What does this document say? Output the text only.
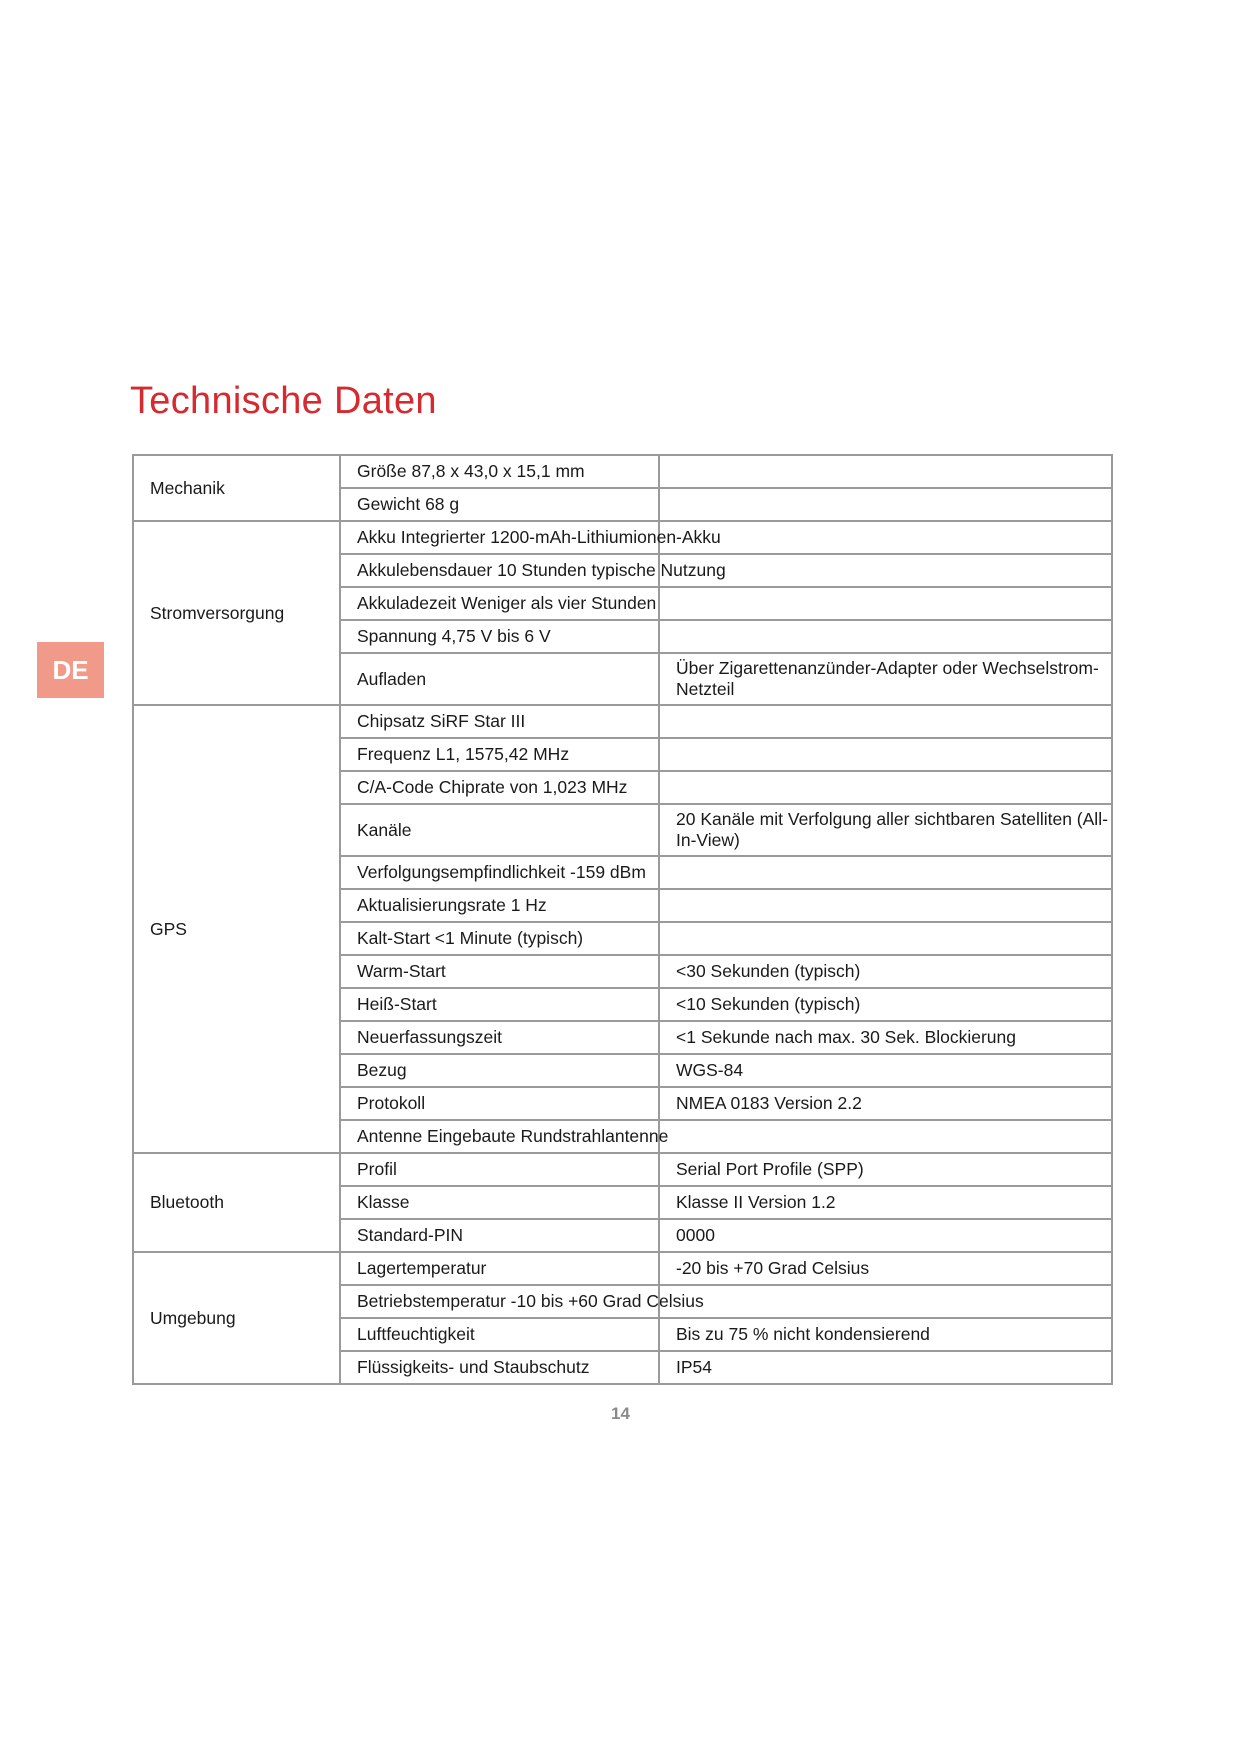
Technische Daten
DE
Mechanik	Größe 87,8 x 43,0 x 15,1 mm	
	Gewicht 68 g	
Stromversorgung	Akku Integrierter 1200-mAh-Lithiumionen-Akku	
	Akkulebensdauer 10 Stunden typische Nutzung	
	Akkuladezeit Weniger als vier Stunden	
	Spannung 4,75 V bis 6 V	
	Aufladen	Über Zigarettenanzünder-Adapter oder Wechselstrom-Netzteil
GPS	Chipsatz SiRF Star III	
	Frequenz L1, 1575,42 MHz	
	C/A-Code Chiprate von 1,023 MHz	
	Kanäle	20 Kanäle mit Verfolgung aller sichtbaren Satelliten (All-In-View)
	Verfolgungsempfindlichkeit -159 dBm	
	Aktualisierungsrate 1 Hz	
	Kalt-Start <1 Minute (typisch)	
	Warm-Start	<30 Sekunden (typisch)
	Heiß-Start	<10 Sekunden (typisch)
	Neuerfassungszeit	<1 Sekunde nach max. 30 Sek. Blockierung
	Bezug	WGS-84
	Protokoll	NMEA 0183 Version 2.2
	Antenne Eingebaute Rundstrahlantenne	
Bluetooth	Profil	Serial Port Profile (SPP)
	Klasse	Klasse II Version 1.2
	Standard-PIN	0000
Umgebung	Lagertemperatur	-20 bis +70 Grad Celsius
	Betriebstemperatur -10 bis +60 Grad Celsius	
	Luftfeuchtigkeit	Bis zu 75 % nicht kondensierend
	Flüssigkeits- und Staubschutz	IP54
14
